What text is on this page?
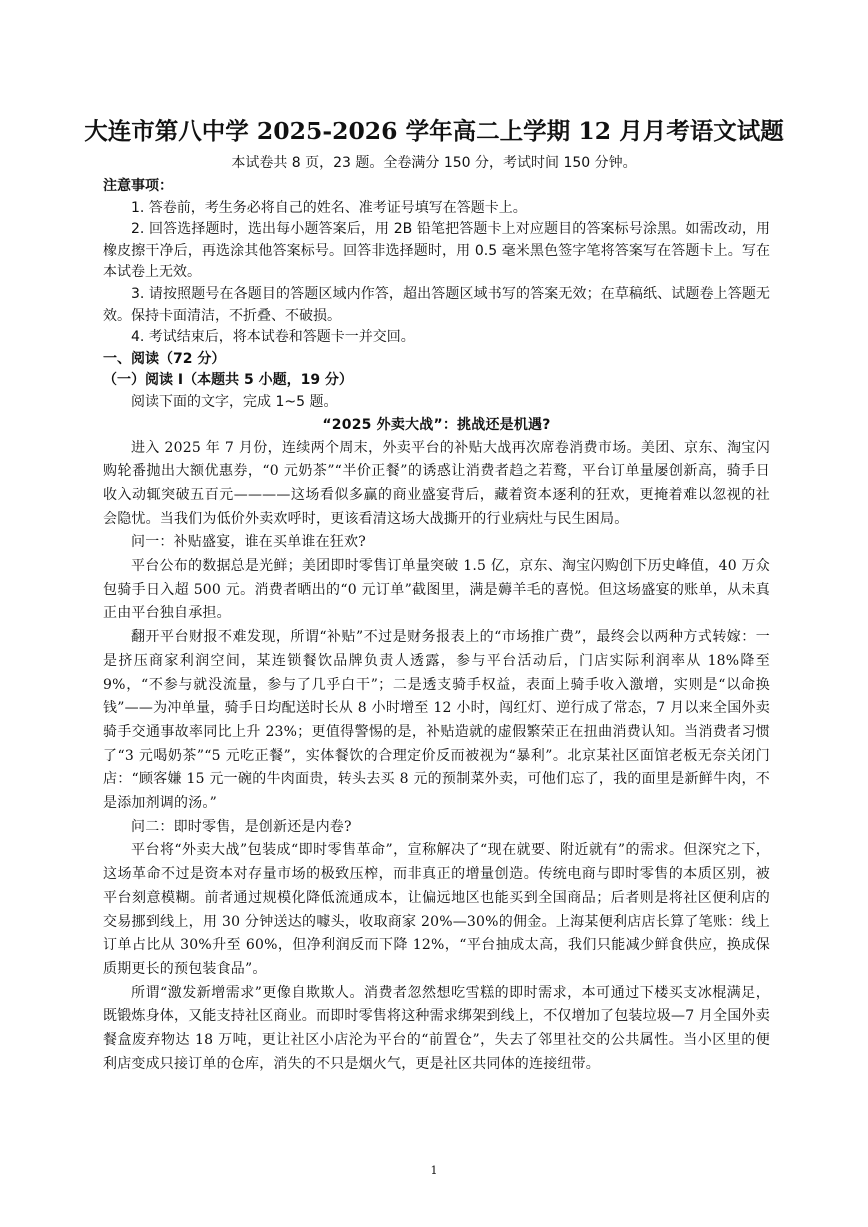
大连市第八中学 2025-2026 学年高二上学期 12 月月考语文试题
本试卷共 8 页，23 题。全卷满分 150 分，考试时间 150 分钟。

注意事项：

1. 答卷前，考生务必将自己的姓名、准考证号填写在答题卡上。

2. 回答选择题时，选出每小题答案后，用 2B 铅笔把答题卡上对应题目的答案标号涂黑。如需改动，用橡皮擦干净后，再选涂其他答案标号。回答非选择题时，用 0.5 毫米黑色签字笔将答案写在答题卡上。写在本试卷上无效。

3. 请按照题号在各题目的答题区域内作答，超出答题区域书写的答案无效；在草稿纸、试题卷上答题无效。保持卡面清洁，不折叠、不破损。

4. 考试结束后，将本试卷和答题卡一并交回。

一、阅读（72 分）

（一）阅读 I（本题共 5 小题，19 分）

阅读下面的文字，完成 1~5 题。

“2025 外卖大战”：挑战还是机遇?

进入 2025 年 7 月份，连续两个周末，外卖平台的补贴大战再次席卷消费市场。美团、京东、淘宝闪购轮番抛出大额优惠券，“0 元奶茶”“半价正餐”的诱惑让消费者趋之若鹜，平台订单量屡创新高，骑手日收入动辄突破五百元————这场看似多赢的商业盛宴背后，藏着资本逐利的狂欢，更掩着难以忽视的社会隐忧。当我们为低价外卖欢呼时，更该看清这场大战撕开的行业病灶与民生困局。

问一：补贴盛宴，谁在买单谁在狂欢?

平台公布的数据总是光鲜；美团即时零售订单量突破 1.5 亿，京东、淘宝闪购创下历史峰值，40 万众包骑手日入超 500 元。消费者晒出的“0 元订单”截图里，满是薅羊毛的喜悦。但这场盛宴的账单，从未真正由平台独自承担。

翻开平台财报不难发现，所谓“补贴”不过是财务报表上的“市场推广费”，最终会以两种方式转嫁：一是挤压商家利润空间，某连锁餐饮品牌负责人透露，参与平台活动后，门店实际利润率从 18%降至 9%，“不参与就没流量，参与了几乎白干”；二是透支骑手权益，表面上骑手收入激增，实则是“以命换钱”——为冲单量，骑手日均配送时长从 8 小时增至 12 小时，闯红灯、逆行成了常态，7 月以来全国外卖骑手交通事故率同比上升 23%；更值得警惕的是，补贴造就的虚假繁荣正在扭曲消费认知。当消费者习惯了“3 元喝奶茶”“5 元吃正餐”，实体餐饮的合理定价反而被视为“暴利”。北京某社区面馆老板无奈关闭门店：“顾客嫌 15 元一碗的牛肉面贵，转头去买 8 元的预制菜外卖，可他们忘了，我的面里是新鲜牛肉，不是添加剂调的汤。”

问二：即时零售，是创新还是内卷?

平台将“外卖大战”包装成“即时零售革命”，宣称解决了“现在就要、附近就有”的需求。但深究之下，这场革命不过是资本对存量市场的极致压榨，而非真正的增量创造。传统电商与即时零售的本质区别，被平台刻意模糊。前者通过规模化降低流通成本，让偏远地区也能买到全国商品；后者则是将社区便利店的交易挪到线上，用 30 分钟送达的噱头，收取商家 20%—30%的佣金。上海某便利店店长算了笔账：线上订单占比从 30%升至 60%，但净利润反而下降 12%，“平台抽成太高，我们只能减少鲜食供应，换成保质期更长的预包装食品”。

所谓“激发新增需求”更像自欺欺人。消费者忽然想吃雪糕的即时需求，本可通过下楼买支冰棍满足，既锻炼身体，又能支持社区商业。而即时零售将这种需求绑架到线上，不仅增加了包装垃圾—7 月全国外卖餐盒废弃物达 18 万吨，更让社区小店沦为平台的“前置仓”，失去了邻里社交的公共属性。当小区里的便利店变成只接订单的仓库，消失的不只是烟火气，更是社区共同体的连接纽带。

1
